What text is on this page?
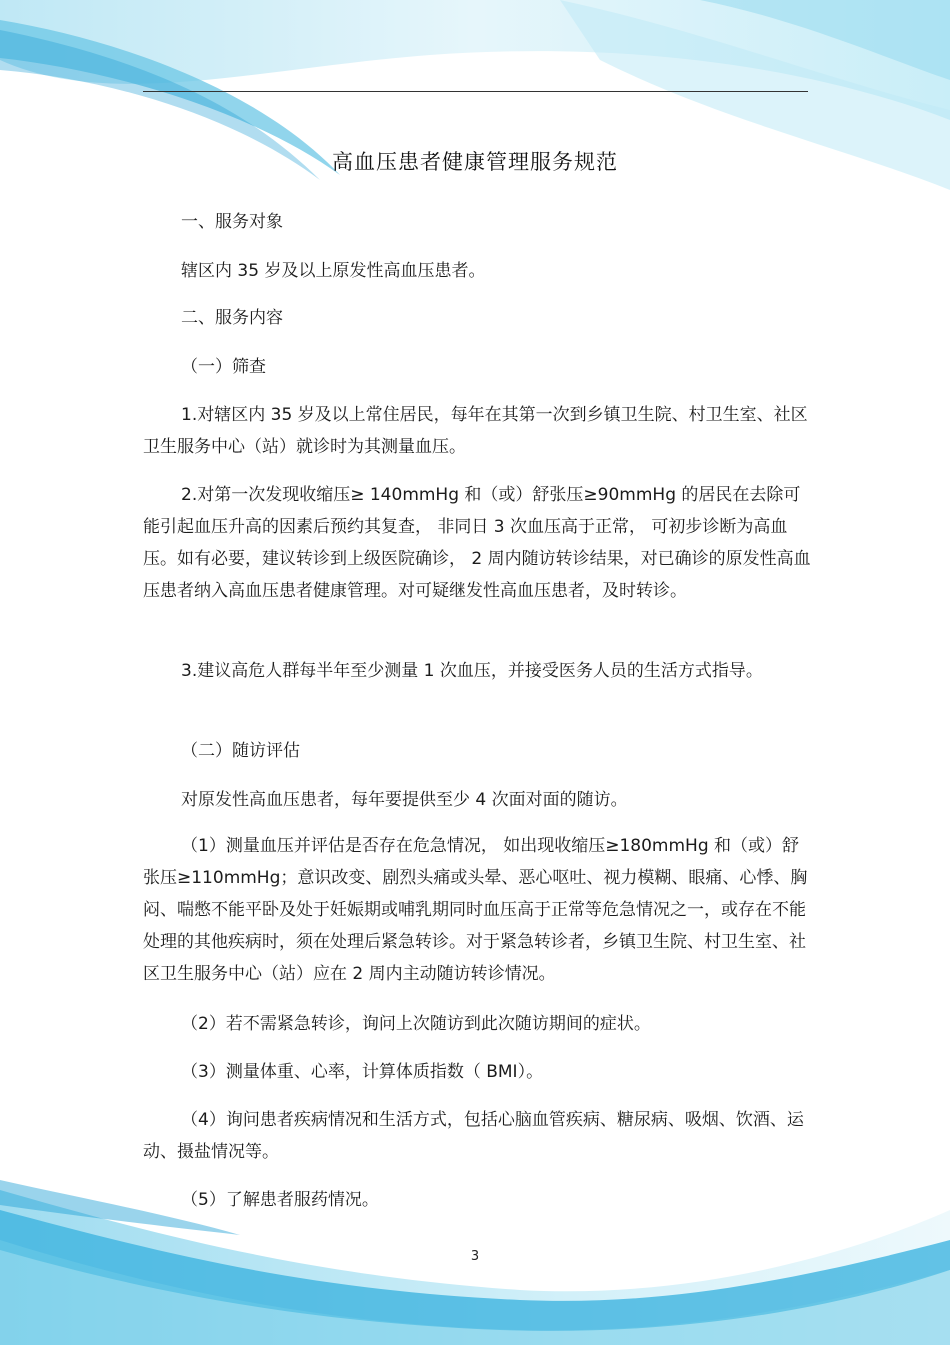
高血压患者健康管理服务规范

一、服务对象

辖区内 35 岁及以上原发性高血压患者。

二、服务内容

（一）筛查

1.对辖区内 35 岁及以上常住居民，每年在其第一次到乡镇卫生院、村卫生室、社区卫生服务中心（站）就诊时为其测量血压。

2.对第一次发现收缩压≥ 140mmHg 和（或）舒张压≥90mmHg 的居民在去除可能引起血压升高的因素后预约其复查， 非同日 3 次血压高于正常， 可初步诊断为高血压。如有必要，建议转诊到上级医院确诊， 2 周内随访转诊结果，对已确诊的原发性高血压患者纳入高血压患者健康管理。对可疑继发性高血压患者，及时转诊。

3.建议高危人群每半年至少测量 1 次血压，并接受医务人员的生活方式指导。

（二）随访评估

对原发性高血压患者，每年要提供至少 4 次面对面的随访。

（1）测量血压并评估是否存在危急情况， 如出现收缩压≥180mmHg 和（或）舒张压≥110mmHg；意识改变、剧烈头痛或头晕、恶心呕吐、视力模糊、眼痛、心悸、胸闷、喘憋不能平卧及处于妊娠期或哺乳期同时血压高于正常等危急情况之一，或存在不能处理的其他疾病时，须在处理后紧急转诊。对于紧急转诊者，乡镇卫生院、村卫生室、社区卫生服务中心（站）应在 2 周内主动随访转诊情况。

（2）若不需紧急转诊，询问上次随访到此次随访期间的症状。

（3）测量体重、心率，计算体质指数（ BMI）。

（4）询问患者疾病情况和生活方式，包括心脑血管疾病、糖尿病、吸烟、饮酒、运动、摄盐情况等。

（5）了解患者服药情况。

3
